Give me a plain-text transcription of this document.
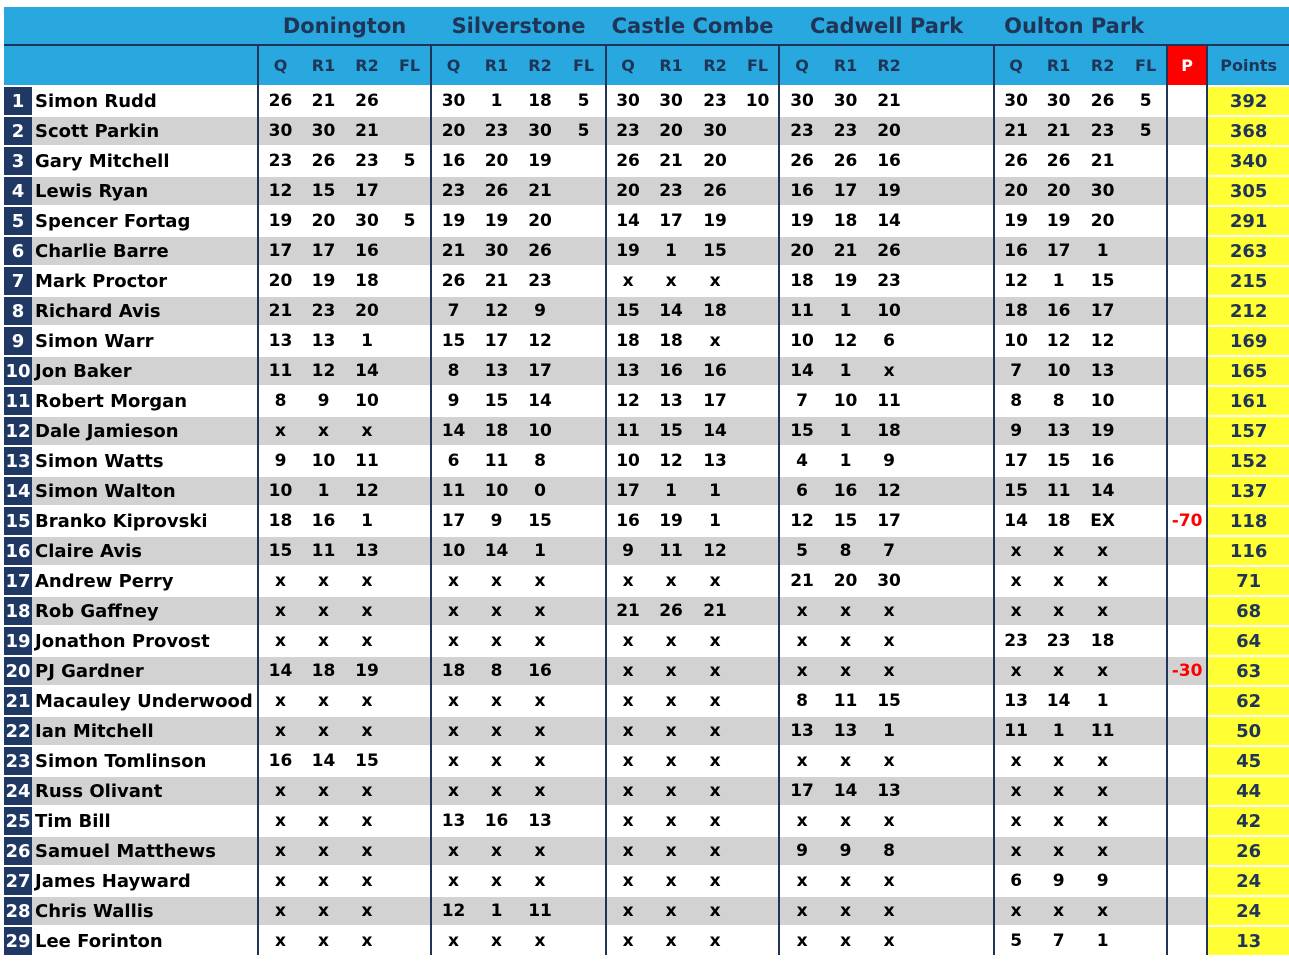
		Donington				Silverstone				Castle Combe				Cadwell Park				Oulton Park					
		Q	R1	R2	FL	Q	R1	R2	FL	Q	R1	R2	FL	Q	R1	R2		Q	R1	R2	FL	P	Points
1	Simon Rudd	26	21	26		30	1	18	5	30	30	23	10	30	30	21		30	30	26	5		392
2	Scott Parkin	30	30	21		20	23	30	5	23	20	30		23	23	20		21	21	23	5		368
3	Gary Mitchell	23	26	23	5	16	20	19		26	21	20		26	26	16		26	26	21			340
4	Lewis Ryan	12	15	17		23	26	21		20	23	26		16	17	19		20	20	30			305
5	Spencer Fortag	19	20	30	5	19	19	20		14	17	19		19	18	14		19	19	20			291
6	Charlie Barre	17	17	16		21	30	26		19	1	15		20	21	26		16	17	1			263
7	Mark Proctor	20	19	18		26	21	23		x	x	x		18	19	23		12	1	15			215
8	Richard Avis	21	23	20		7	12	9		15	14	18		11	1	10		18	16	17			212
9	Simon Warr	13	13	1		15	17	12		18	18	x		10	12	6		10	12	12			169
10	Jon Baker	11	12	14		8	13	17		13	16	16		14	1	x		7	10	13			165
11	Robert Morgan	8	9	10		9	15	14		12	13	17		7	10	11		8	8	10			161
12	Dale Jamieson	x	x	x		14	18	10		11	15	14		15	1	18		9	13	19			157
13	Simon Watts	9	10	11		6	11	8		10	12	13		4	1	9		17	15	16			152
14	Simon Walton	10	1	12		11	10	0		17	1	1		6	16	12		15	11	14			137
15	Branko Kiprovski	18	16	1		17	9	15		16	19	1		12	15	17		14	18	EX		-70	118
16	Claire Avis	15	11	13		10	14	1		9	11	12		5	8	7		x	x	x			116
17	Andrew Perry	x	x	x		x	x	x		x	x	x		21	20	30		x	x	x			71
18	Rob Gaffney	x	x	x		x	x	x		21	26	21		x	x	x		x	x	x			68
19	Jonathon Provost	x	x	x		x	x	x		x	x	x		x	x	x		23	23	18			64
20	PJ Gardner	14	18	19		18	8	16		x	x	x		x	x	x		x	x	x		-30	63
21	Macauley Underwood	x	x	x		x	x	x		x	x	x		8	11	15		13	14	1			62
22	Ian Mitchell	x	x	x		x	x	x		x	x	x		13	13	1		11	1	11			50
23	Simon Tomlinson	16	14	15		x	x	x		x	x	x		x	x	x		x	x	x			45
24	Russ Olivant	x	x	x		x	x	x		x	x	x		17	14	13		x	x	x			44
25	Tim Bill	x	x	x		13	16	13		x	x	x		x	x	x		x	x	x			42
26	Samuel Matthews	x	x	x		x	x	x		x	x	x		9	9	8		x	x	x			26
27	James Hayward	x	x	x		x	x	x		x	x	x		x	x	x		6	9	9			24
28	Chris Wallis	x	x	x		12	1	11		x	x	x		x	x	x		x	x	x			24
29	Lee Forinton	x	x	x		x	x	x		x	x	x		x	x	x		5	7	1			13
